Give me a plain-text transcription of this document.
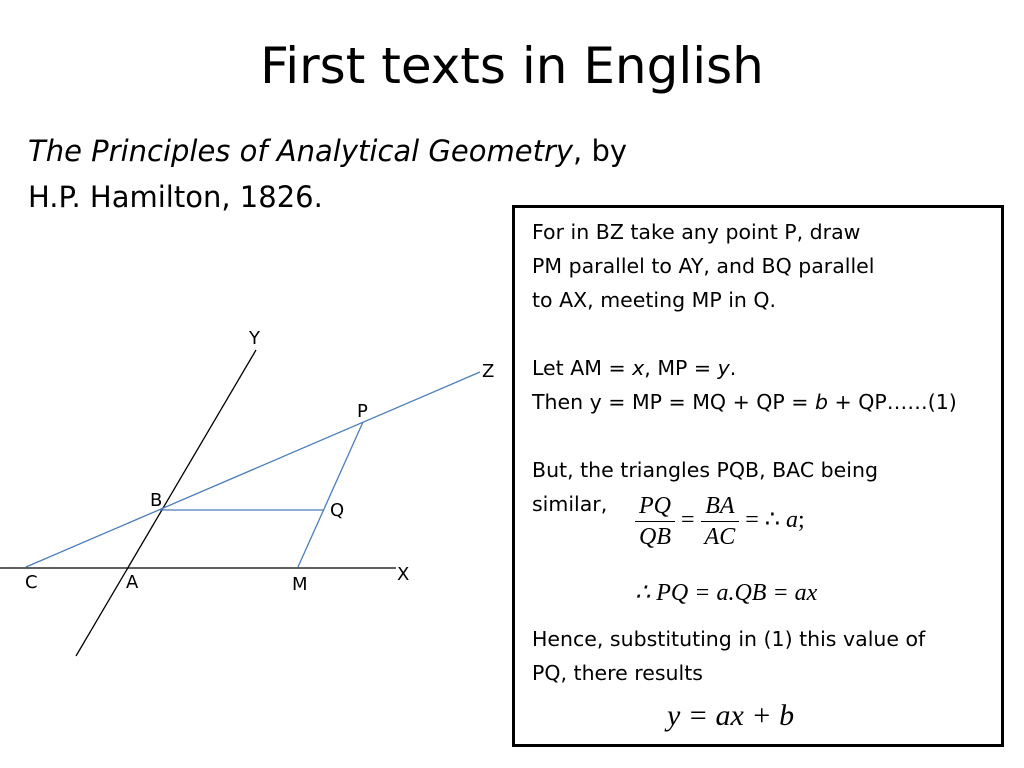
First texts in English
The Principles of Analytical Geometry, by
H.P. Hamilton, 1826.
Y
Z
P
B	Q
C	A	M	X

For in BZ take any point P, draw

PM parallel to AY, and BQ parallel

to AX, meeting MP in Q.

Let AM = x, MP = y.

Then y = MP = MQ + QP = b + QP……(1)

But, the triangles PQB, BAC being

similar, $\frac{PQ}{QB} = \frac{BA}{AC}$ = ∴ a;
∴ PQ = a.QB = ax

Hence, substituting in (1) this value of

PQ, there results

y = ax + b
